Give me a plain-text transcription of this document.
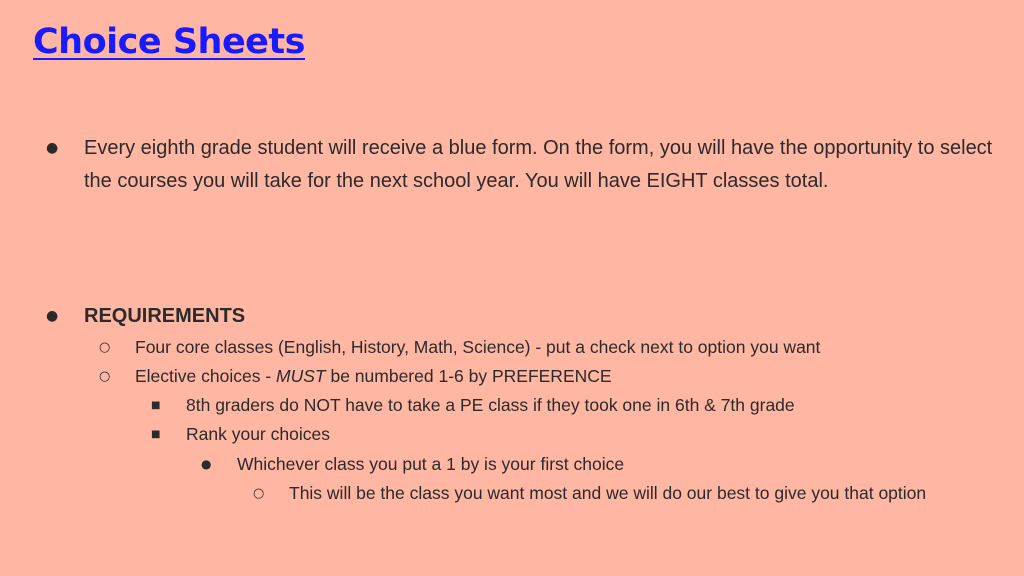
Choice Sheets
●	Every eighth grade student will receive a blue form. On the form, you will have the opportunity to select the courses you will take for the next school year. You will have EIGHT classes total.
●	REQUIREMENTS
○	Four core classes (English, History, Math, Science) - put a check next to option you want
○	Elective choices - MUST be numbered 1-6 by PREFERENCE
■	8th graders do NOT have to take a PE class if they took one in 6th & 7th grade
■	Rank your choices
●	Whichever class you put a 1 by is your first choice
○	This will be the class you want most and we will do our best to give you that option
